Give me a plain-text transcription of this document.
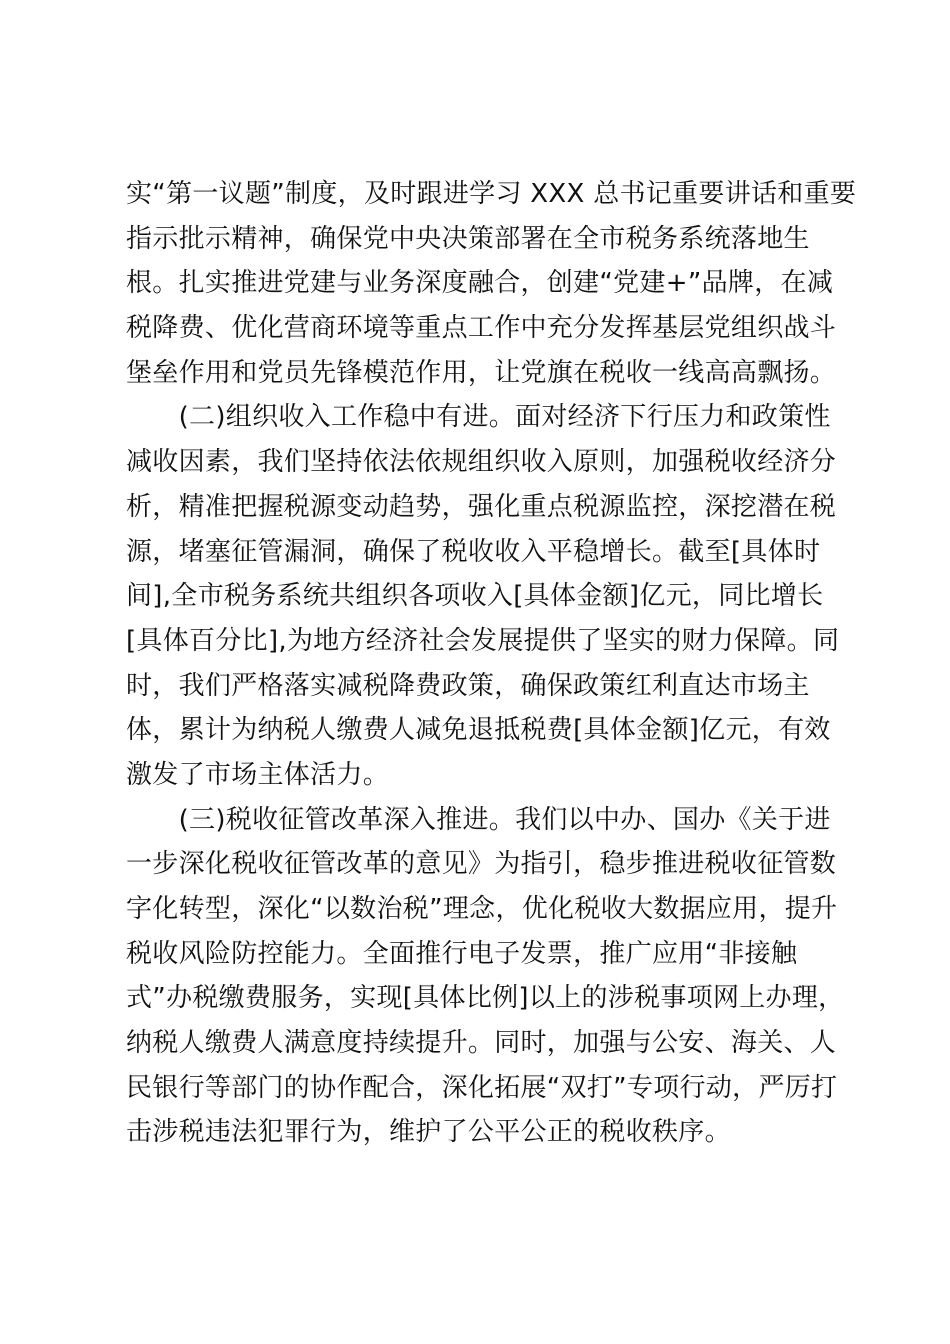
实“第一议题”制度，及时跟进学习 XXX 总书记重要讲话和重要

指示批示精神，确保党中央决策部署在全市税务系统落地生

根。扎实推进党建与业务深度融合，创建“党建+”品牌，在减

税降费、优化营商环境等重点工作中充分发挥基层党组织战斗

堡垒作用和党员先锋模范作用，让党旗在税收一线高高飘扬。

　　(二)组织收入工作稳中有进。面对经济下行压力和政策性

减收因素，我们坚持依法依规组织收入原则，加强税收经济分

析，精准把握税源变动趋势，强化重点税源监控，深挖潜在税

源，堵塞征管漏洞，确保了税收收入平稳增长。截至[具体时

间],全市税务系统共组织各项收入[具体金额]亿元，同比增长

[具体百分比],为地方经济社会发展提供了坚实的财力保障。同

时，我们严格落实减税降费政策，确保政策红利直达市场主

体，累计为纳税人缴费人减免退抵税费[具体金额]亿元，有效

激发了市场主体活力。

　　(三)税收征管改革深入推进。我们以中办、国办《关于进

一步深化税收征管改革的意见》为指引，稳步推进税收征管数

字化转型，深化“以数治税”理念，优化税收大数据应用，提升

税收风险防控能力。全面推行电子发票，推广应用“非接触

式”办税缴费服务，实现[具体比例]以上的涉税事项网上办理，

纳税人缴费人满意度持续提升。同时，加强与公安、海关、人

民银行等部门的协作配合，深化拓展“双打”专项行动，严厉打

击涉税违法犯罪行为，维护了公平公正的税收秩序。
